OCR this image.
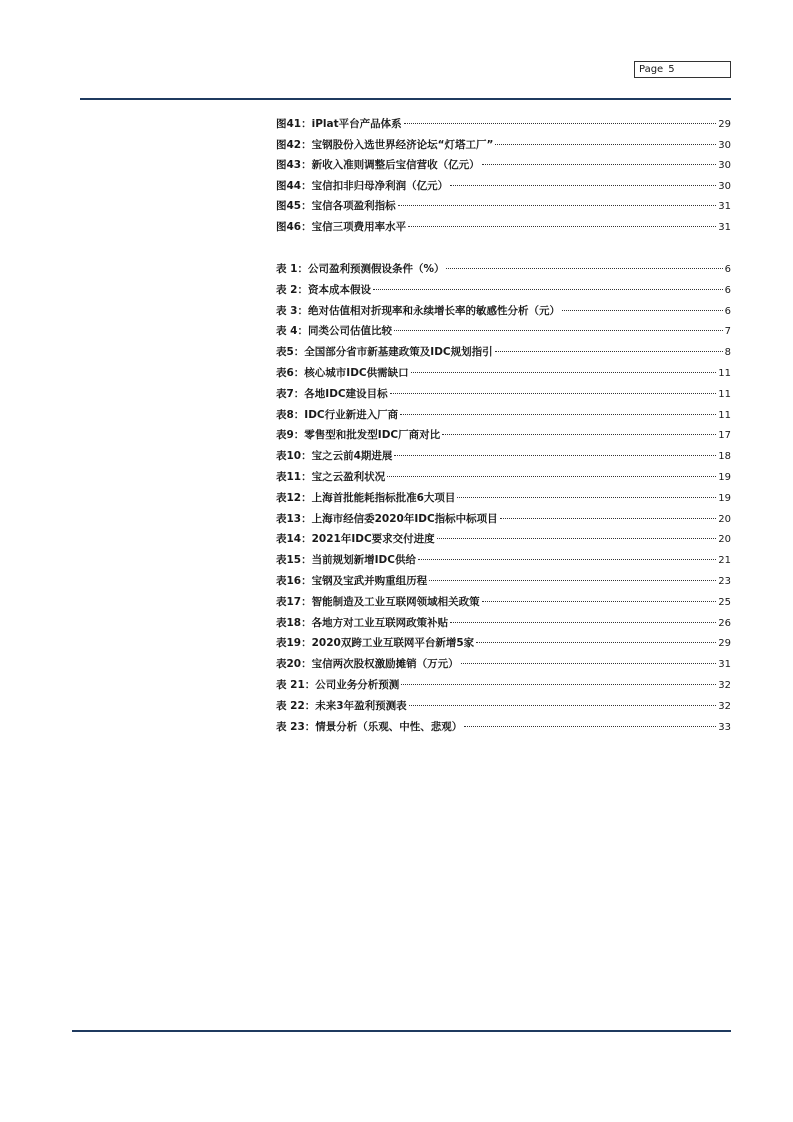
Page 5
图41：iPlat平台产品体系	29
图42：宝钢股份入选世界经济论坛“灯塔工厂”	30
图43：新收入准则调整后宝信营收（亿元）	30
图44：宝信扣非归母净利润（亿元）	30
图45：宝信各项盈利指标	31
图46：宝信三项费用率水平	31
表 1：公司盈利预测假设条件（%）	6
表 2：资本成本假设	6
表 3：绝对估值相对折现率和永续增长率的敏感性分析（元）	6
表 4：同类公司估值比较	7
表5：全国部分省市新基建政策及IDC规划指引	8
表6：核心城市IDC供需缺口	11
表7：各地IDC建设目标	11
表8：IDC行业新进入厂商	11
表9：零售型和批发型IDC厂商对比	17
表10：宝之云前4期进展	18
表11：宝之云盈利状况	19
表12：上海首批能耗指标批准6大项目	19
表13：上海市经信委2020年IDC指标中标项目	20
表14：2021年IDC要求交付进度	20
表15：当前规划新增IDC供给	21
表16：宝钢及宝武并购重组历程	23
表17：智能制造及工业互联网领域相关政策	25
表18：各地方对工业互联网政策补贴	26
表19：2020双跨工业互联网平台新增5家	29
表20：宝信两次股权激励摊销（万元）	31
表 21：公司业务分析预测	32
表 22：未来3年盈利预测表	32
表 23：情景分析（乐观、中性、悲观）	33
